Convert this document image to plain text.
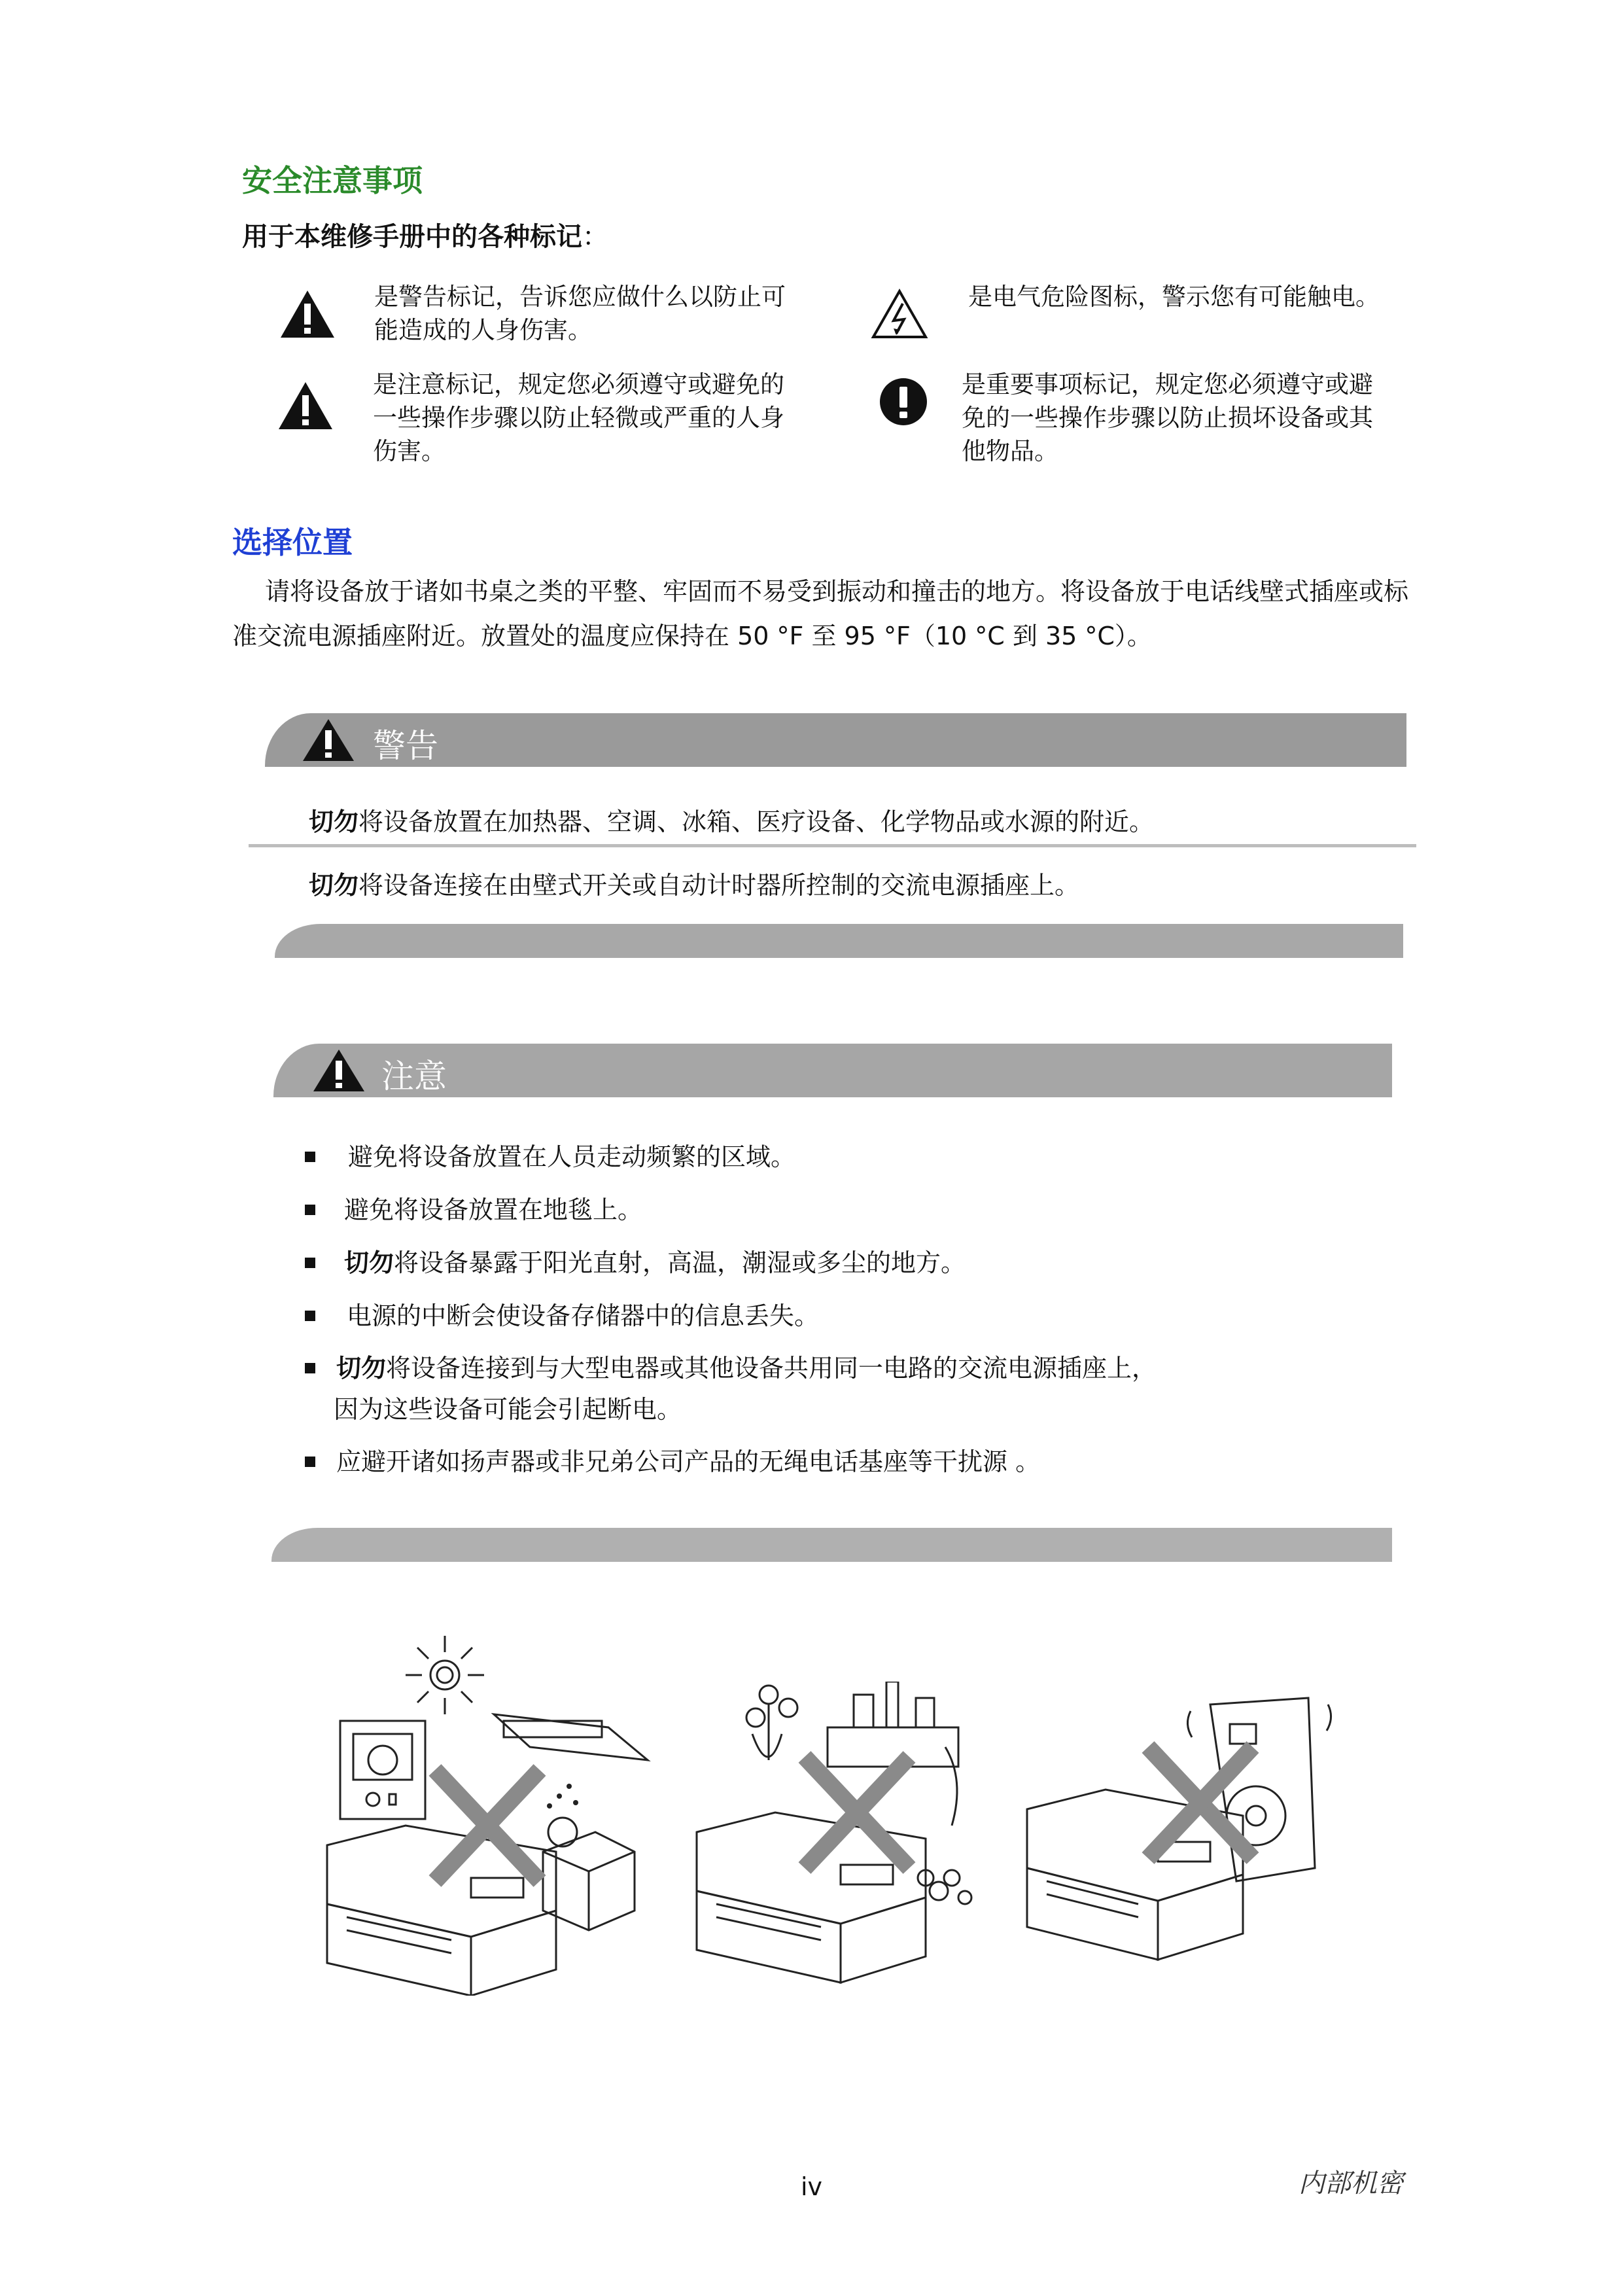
安全注意事项
用于本维修手册中的各种标记：
是警告标记，告诉您应做什么以防止可能造成的人身伤害。
是电气危险图标，警示您有可能触电。
是注意标记，规定您必须遵守或避免的一些操作步骤以防止轻微或严重的人身伤害。
是重要事项标记，规定您必须遵守或避免的一些操作步骤以防止损坏设备或其他物品。
选择位置
请将设备放于诸如书桌之类的平整、牢固而不易受到振动和撞击的地方。将设备放于电话线壁式插座或标准交流电源插座附近。放置处的温度应保持在 50 °F 至 95 °F（10 °C 到 35 °C）。
警告
切勿将设备放置在加热器、空调、冰箱、医疗设备、化学物品或水源的附近。
切勿将设备连接在由壁式开关或自动计时器所控制的交流电源插座上。
注意
避免将设备放置在人员走动频繁的区域。
避免将设备放置在地毯上。
切勿将设备暴露于阳光直射，高温，潮湿或多尘的地方。
电源的中断会使设备存储器中的信息丢失。
切勿将设备连接到与大型电器或其他设备共用同一电路的交流电源插座上，
因为这些设备可能会引起断电。
应避开诸如扬声器或非兄弟公司产品的无绳电话基座等干扰源 。
iv	内部机密
